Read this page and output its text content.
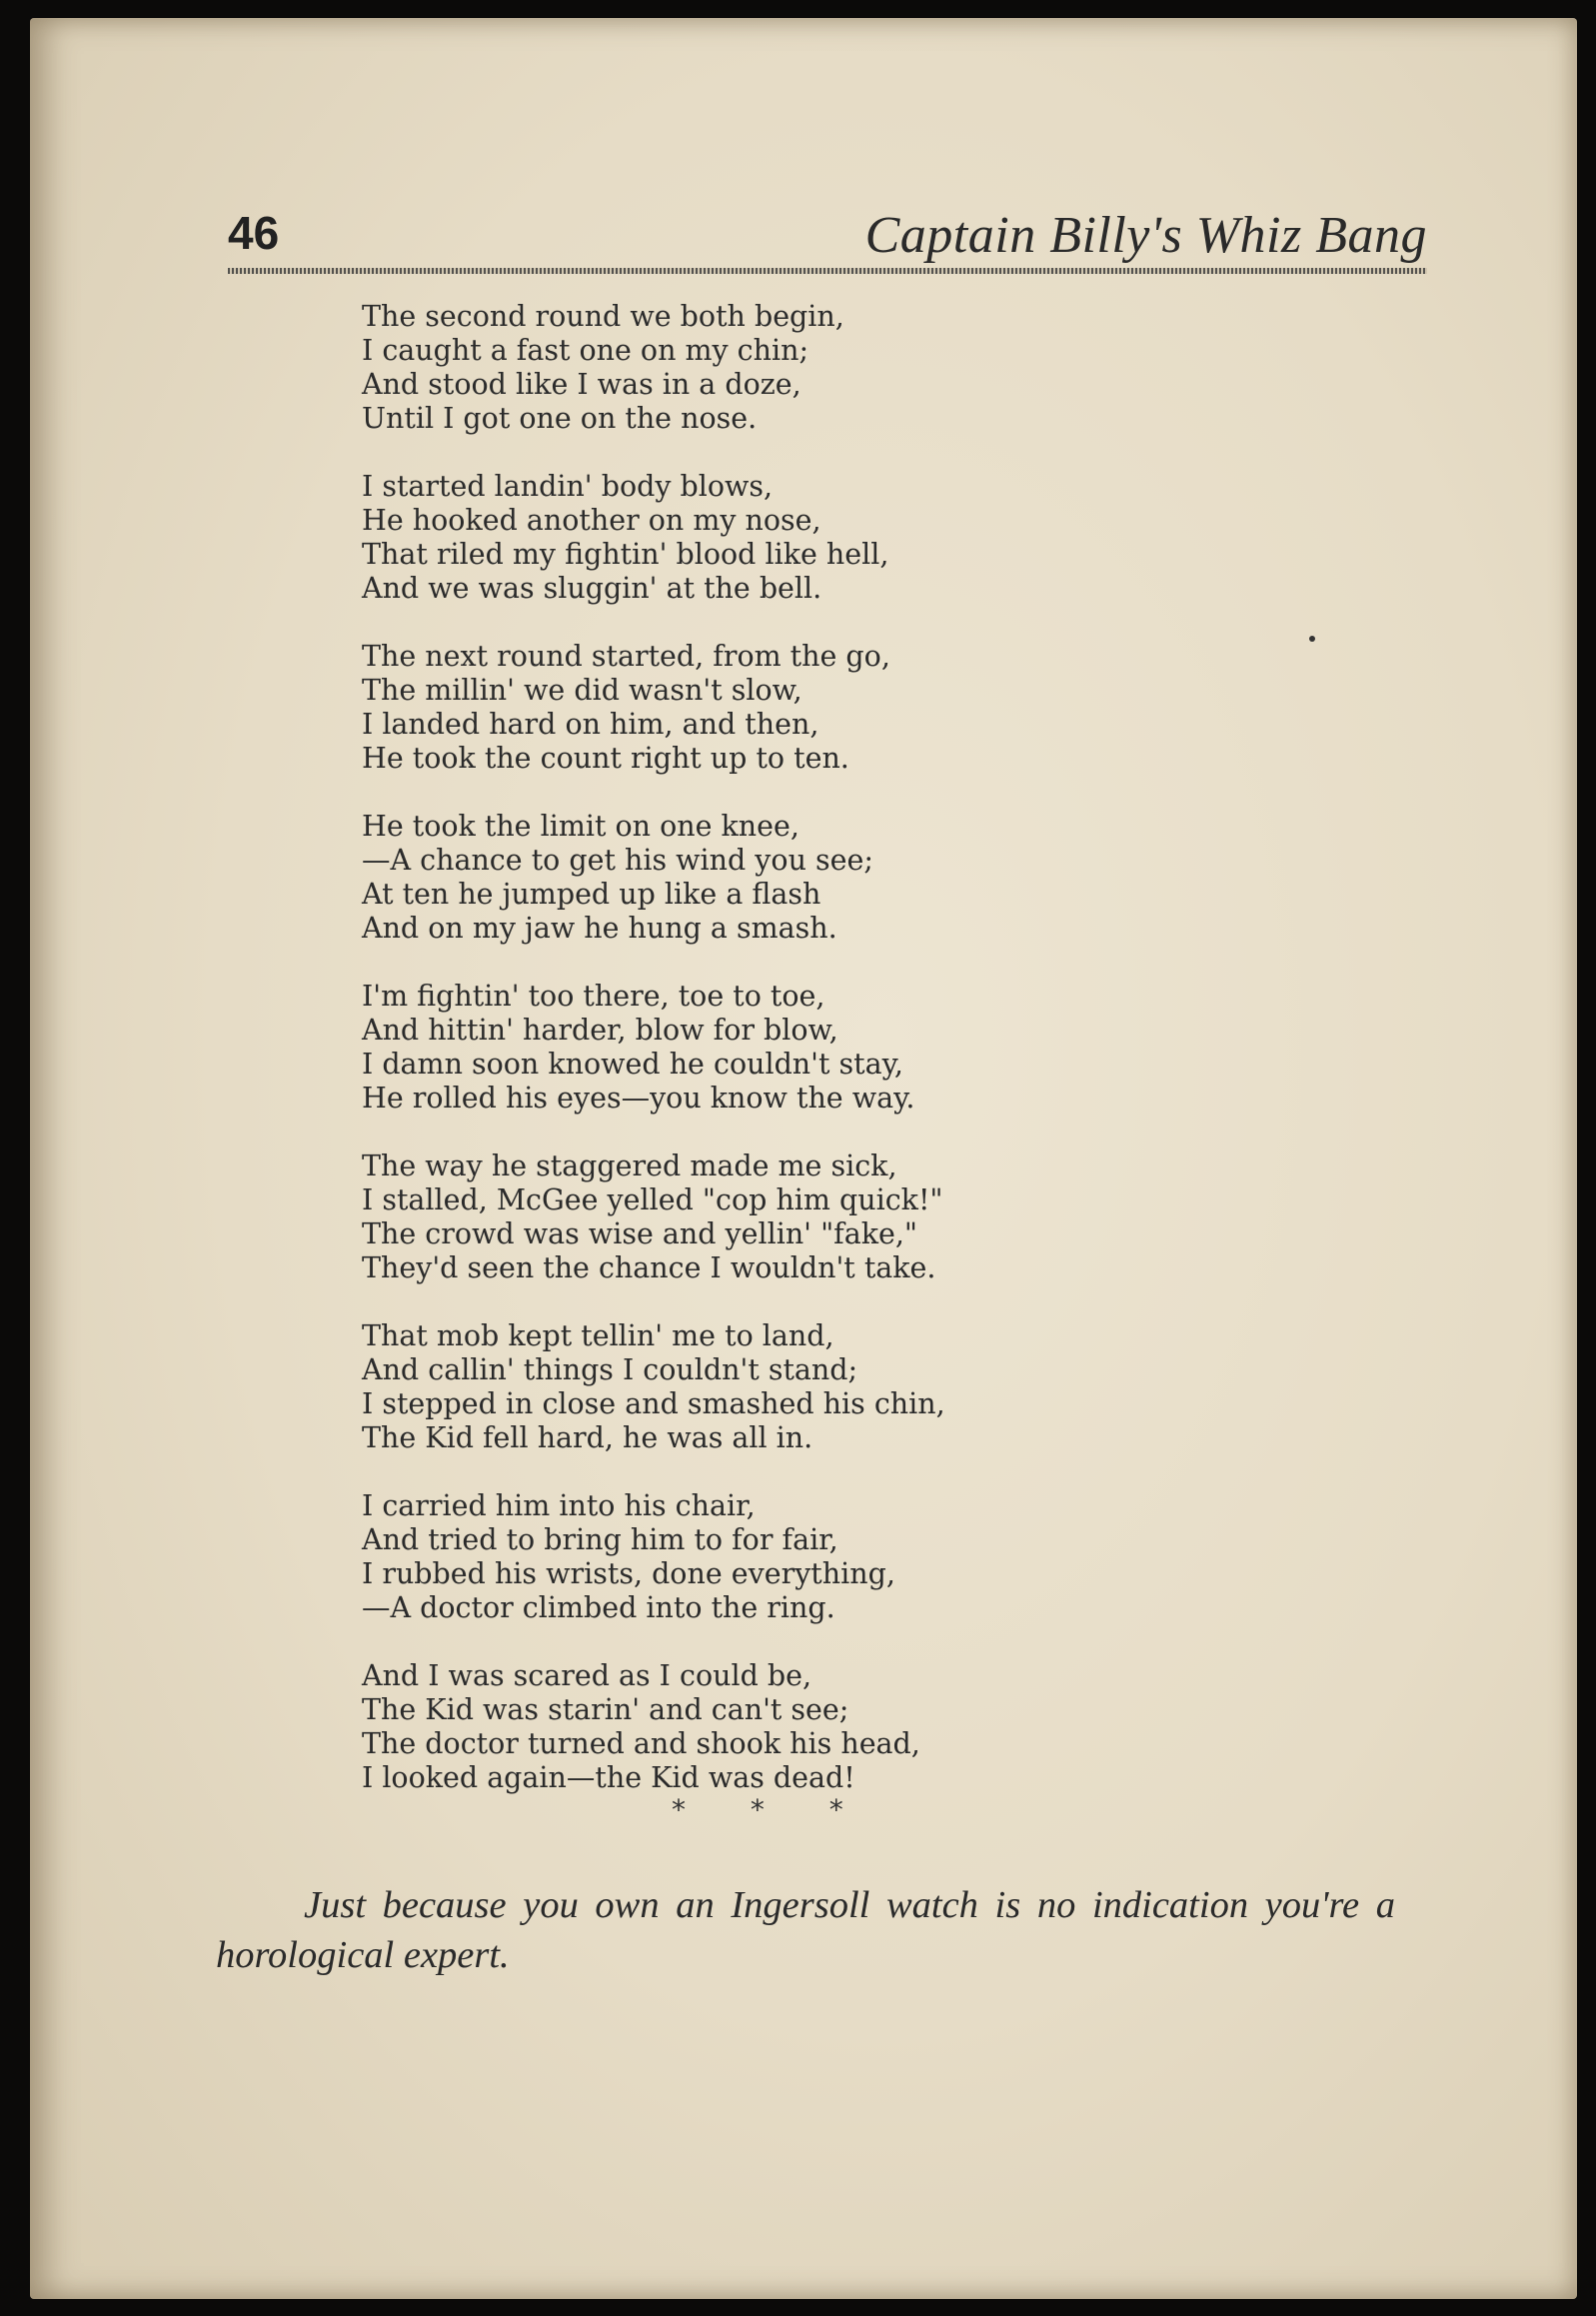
46	Captain Billy's Whiz Bang
The second round we both begin,
I caught a fast one on my chin;
And stood like I was in a doze,
Until I got one on the nose.
I started landin' body blows,
He hooked another on my nose,
That riled my fightin' blood like hell,
And we was sluggin' at the bell.
The next round started, from the go,
The millin' we did wasn't slow,
I landed hard on him, and then,
He took the count right up to ten.
He took the limit on one knee,
—A chance to get his wind you see;
At ten he jumped up like a flash
And on my jaw he hung a smash.
I'm fightin' too there, toe to toe,
And hittin' harder, blow for blow,
I damn soon knowed he couldn't stay,
He rolled his eyes—you know the way.
The way he staggered made me sick,
I stalled, McGee yelled "cop him quick!"
The crowd was wise and yellin' "fake,"
They'd seen the chance I wouldn't take.
That mob kept tellin' me to land,
And callin' things I couldn't stand;
I stepped in close and smashed his chin,
The Kid fell hard, he was all in.
I carried him into his chair,
And tried to bring him to for fair,
I rubbed his wrists, done everything,
—A doctor climbed into the ring.
And I was scared as I could be,
The Kid was starin' and can't see;
The doctor turned and shook his head,
I looked again—the Kid was dead!
* * *

Just because you own an Ingersoll watch is no indication you're a horological expert.
